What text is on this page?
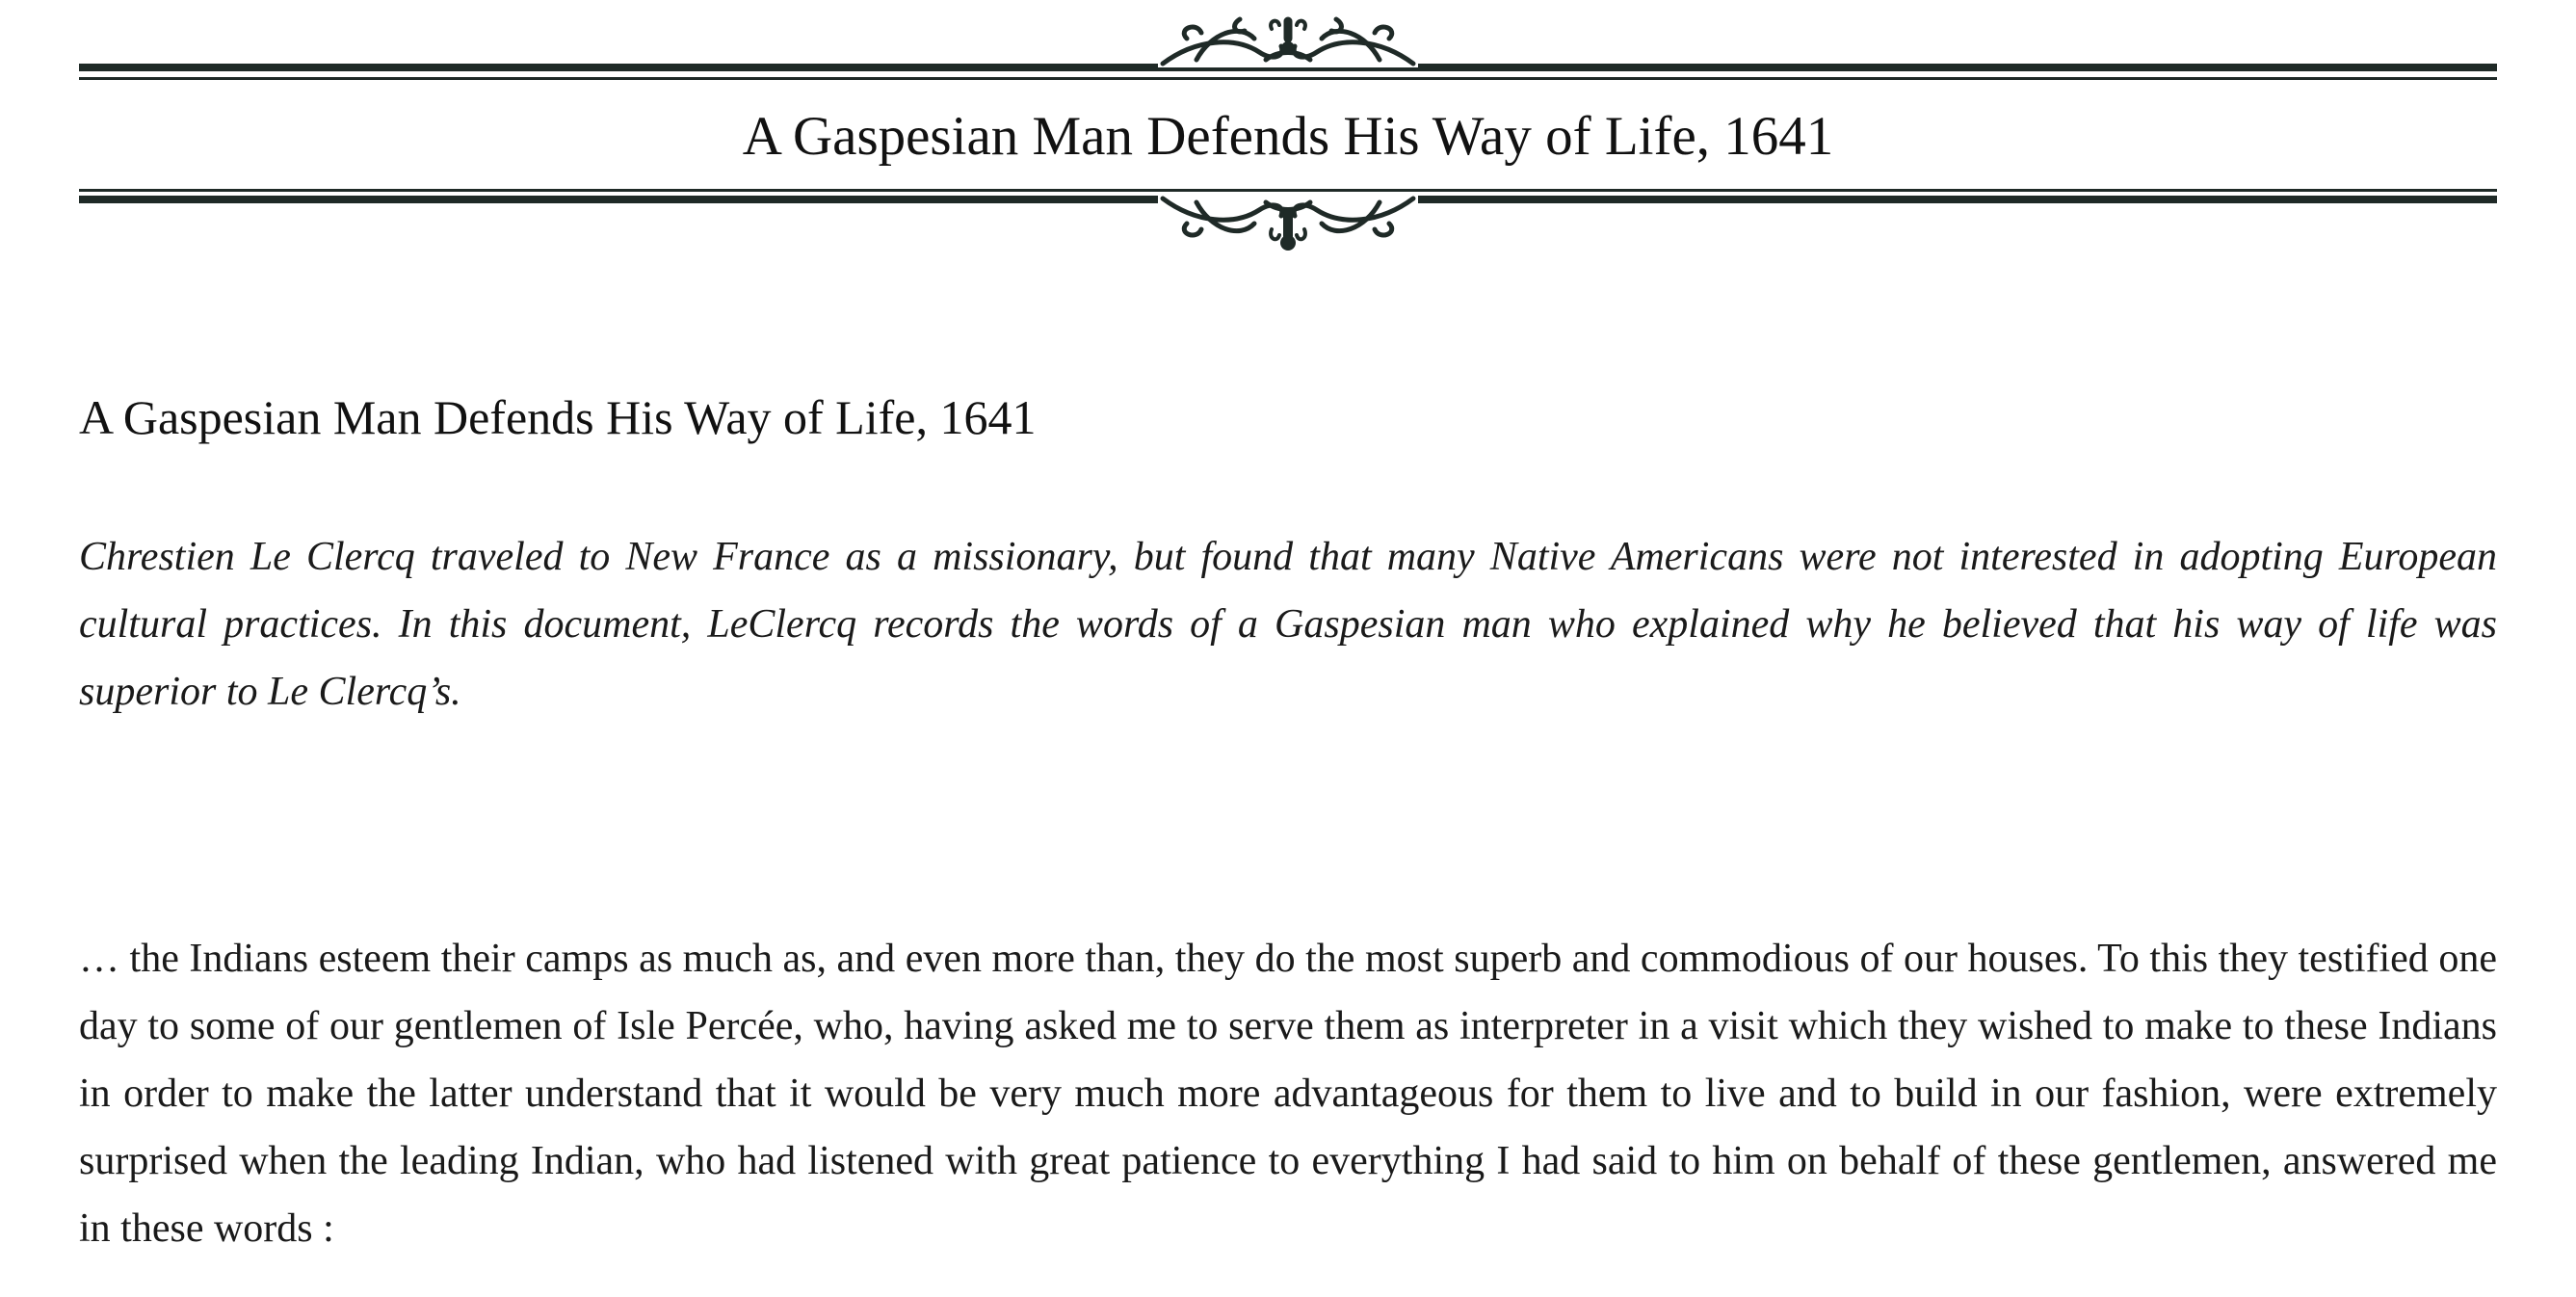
A Gaspesian Man Defends His Way of Life, 1641
A Gaspesian Man Defends His Way of Life, 1641

Chrestien Le Clercq traveled to New France as a missionary, but found that many Native Americans were not interested in adopting European cultural practices. In this document, LeClercq records the words of a Gaspesian man who explained why he believed that his way of life was superior to Le Clercq’s.

… the Indians esteem their camps as much as, and even more than, they do the most superb and commodious of our houses. To this they testified one day to some of our gentlemen of Isle Percée, who, having asked me to serve them as interpreter in a visit which they wished to make to these Indians in order to make the latter understand that it would be very much more advantageous for them to live and to build in our fashion, were extremely surprised when the leading Indian, who had listened with great patience to everything I had said to him on behalf of these gentlemen, answered me in these words :
